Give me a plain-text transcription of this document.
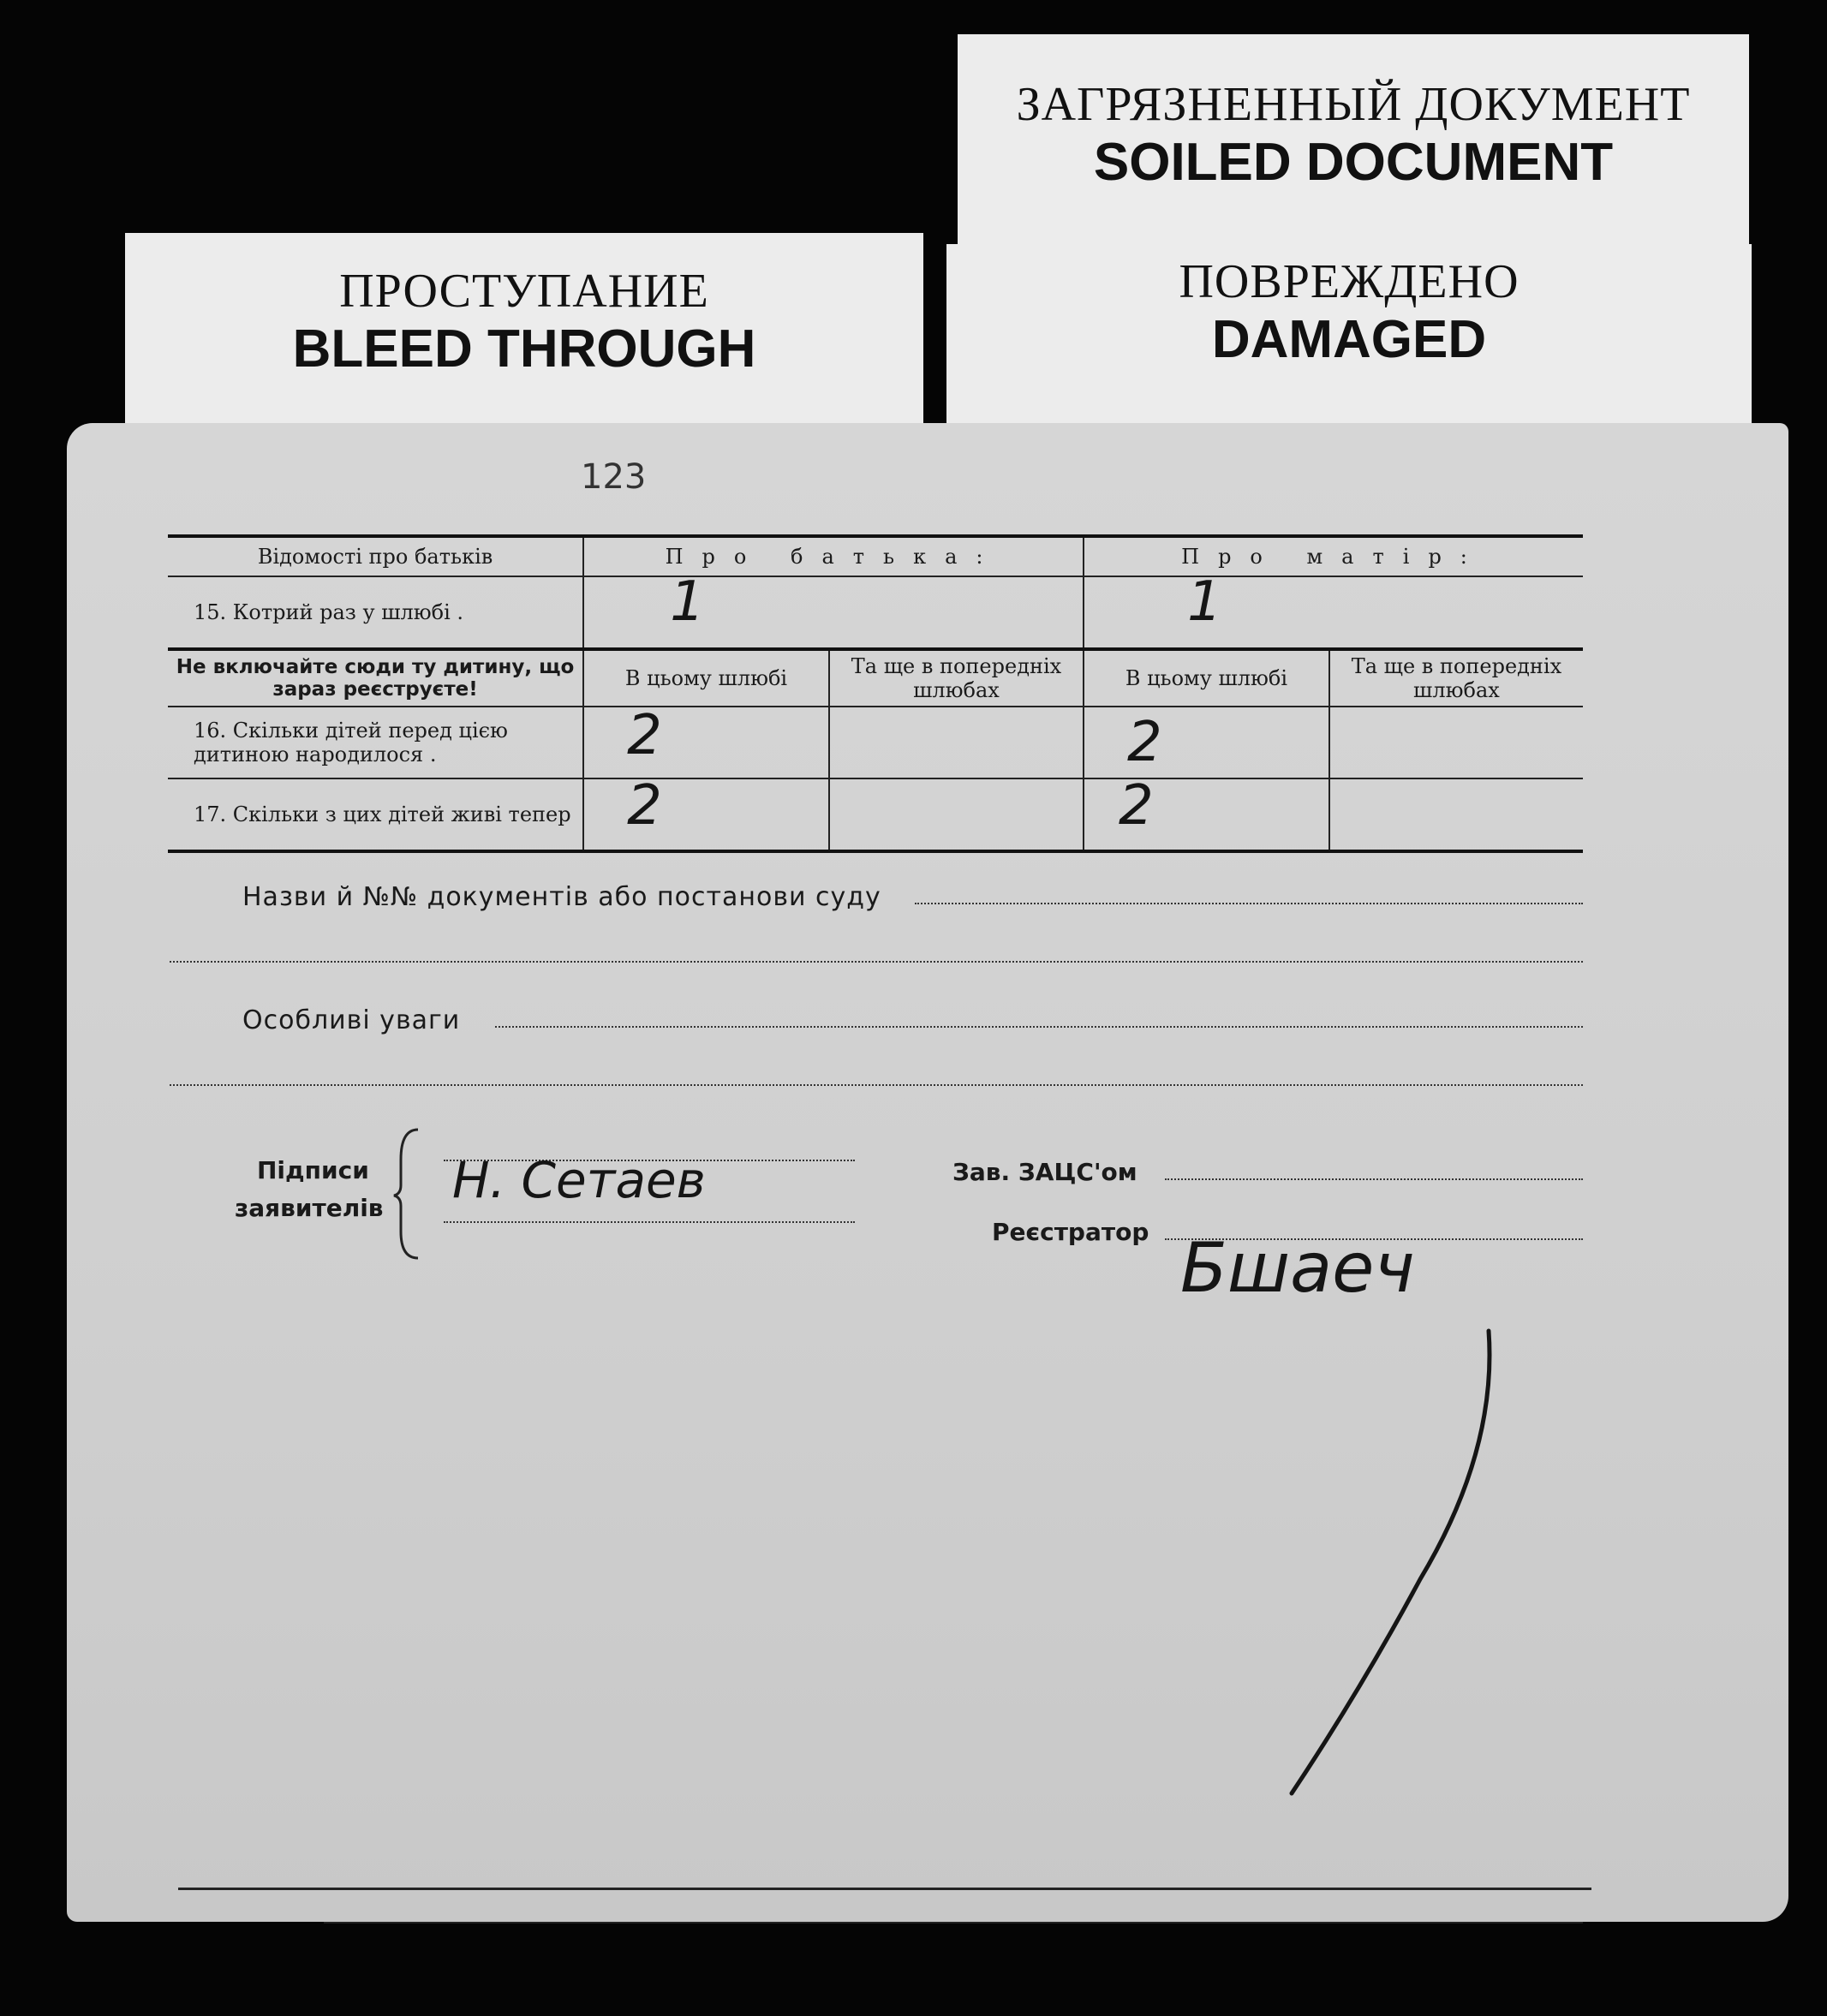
ПРОСТУПАНИЕ
BLEED THROUGH
ЗАГРЯЗНЕННЫЙ ДОКУМЕНТ
SOILED DOCUMENT
ПОВРЕЖДЕНО
DAMAGED
123
Відомості про батьків	Про батька:		Про матір:	
15. Котрий раз у шлюбі .	1		1	

Не включайте сюди ту дитину, що зараз реєструєте!	В цьому шлюбі	Та ще в попередніх шлюбах	В цьому шлюбі	Та ще в попередніх шлюбах
16. Скільки дітей перед цією дитиною народилося .	2		2	

17. Скільки з цих дітей живі тепер	2		2	

Назви й №№ документів або постанови суду
Особливі уваги
Підписи
заявителів Н. Сетаев	Зав. ЗАЦС'ом
Реєстратор Бшаеч
